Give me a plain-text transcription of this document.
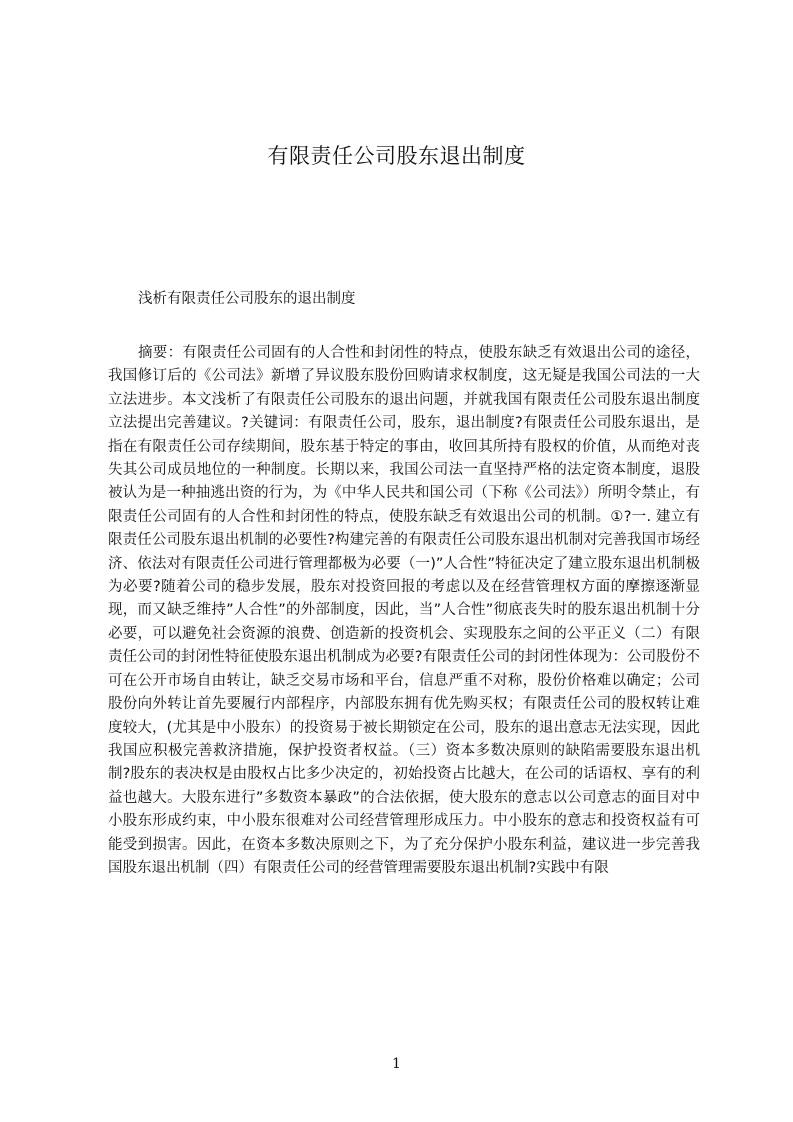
有限责任公司股东退出制度
浅析有限责任公司股东的退出制度

摘要：有限责任公司固有的人合性和封闭性的特点，使股东缺乏有效退出公司的途径，我国修订后的《公司法》新增了异议股东股份回购请求权制度，这无疑是我国公司法的一大立法进步。本文浅析了有限责任公司股东的退出问题，并就我国有限责任公司股东退出制度立法提出完善建议。?关键词：有限责任公司，股东，退出制度?有限责任公司股东退出，是指在有限责任公司存续期间，股东基于特定的事由，收回其所持有股权的价值，从而绝对丧失其公司成员地位的一种制度。长期以来，我国公司法一直坚持严格的法定资本制度，退股被认为是一种抽逃出资的行为，为《中华人民共和国公司（下称《公司法》）所明令禁止，有限责任公司固有的人合性和封闭性的特点，使股东缺乏有效退出公司的机制。①?一. 建立有限责任公司股东退出机制的必要性?构建完善的有限责任公司股东退出机制对完善我国市场经济、依法对有限责任公司进行管理都极为必要（一)”人合性”特征决定了建立股东退出机制极为必要?随着公司的稳步发展，股东对投资回报的考虑以及在经营管理权方面的摩擦逐渐显现，而又缺乏维持”人合性”的外部制度，因此，当”人合性”彻底丧失时的股东退出机制十分必要，可以避免社会资源的浪费、创造新的投资机会、实现股东之间的公平正义（二）有限责任公司的封闭性特征使股东退出机制成为必要?有限责任公司的封闭性体现为：公司股份不可在公开市场自由转让，缺乏交易市场和平台，信息严重不对称，股份价格难以确定；公司股份向外转让首先要履行内部程序，内部股东拥有优先购买权；有限责任公司的股权转让难度较大，(尤其是中小股东）的投资易于被长期锁定在公司，股东的退出意志无法实现，因此我国应积极完善救济措施，保护投资者权益。（三）资本多数决原则的缺陷需要股东退出机制?股东的表决权是由股权占比多少决定的，初始投资占比越大，在公司的话语权、享有的利益也越大。大股东进行”多数资本暴政”的合法依据，使大股东的意志以公司意志的面目对中小股东形成约束，中小股东很难对公司经营管理形成压力。中小股东的意志和投资权益有可能受到损害。因此，在资本多数决原则之下，为了充分保护小股东利益，建议进一步完善我国股东退出机制（四）有限责任公司的经营管理需要股东退出机制?实践中有限

1
